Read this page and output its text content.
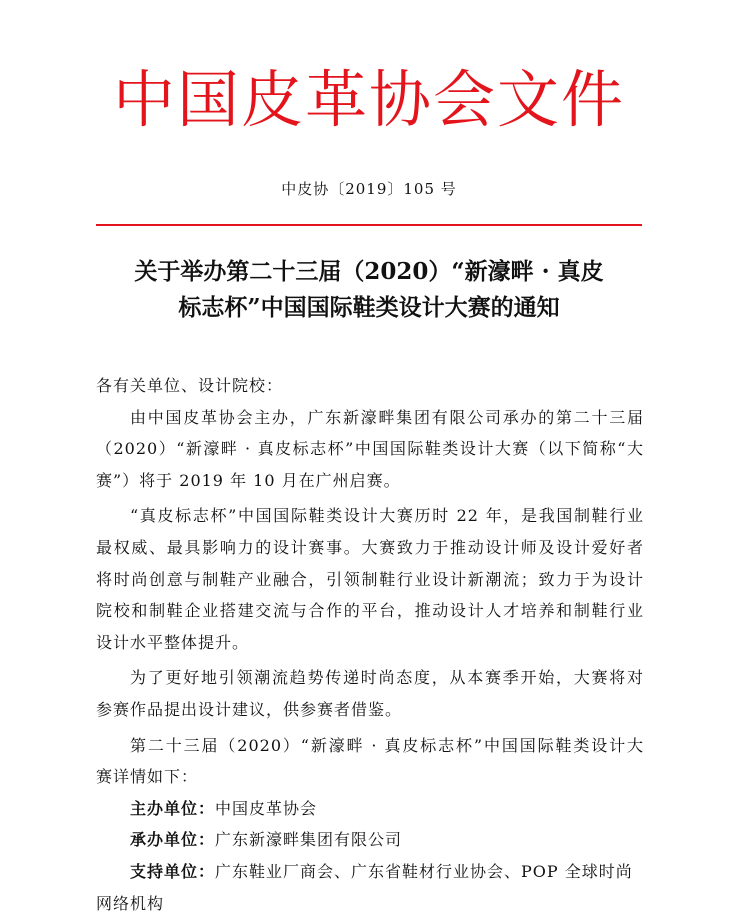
中国皮革协会文件
中皮协〔2019〕105 号
关于举办第二十三届（2020）“新濠畔 · 真皮
标志杯”中国国际鞋类设计大赛的通知
各有关单位、设计院校：
由中国皮革协会主办，广东新濠畔集团有限公司承办的第二十三届
（2020）“新濠畔 · 真皮标志杯”中国国际鞋类设计大赛（以下简称“大
赛”）将于 2019 年 10 月在广州启赛。
“真皮标志杯”中国国际鞋类设计大赛历时 22 年，是我国制鞋行业
最权威、最具影响力的设计赛事。大赛致力于推动设计师及设计爱好者
将时尚创意与制鞋产业融合，引领制鞋行业设计新潮流；致力于为设计
院校和制鞋企业搭建交流与合作的平台，推动设计人才培养和制鞋行业
设计水平整体提升。
为了更好地引领潮流趋势传递时尚态度，从本赛季开始，大赛将对
参赛作品提出设计建议，供参赛者借鉴。
第二十三届（2020）“新濠畔 · 真皮标志杯”中国国际鞋类设计大
赛详情如下：
主办单位：中国皮革协会
承办单位：广东新濠畔集团有限公司
支持单位：广东鞋业厂商会、广东省鞋材行业协会、POP 全球时尚
网络机构
